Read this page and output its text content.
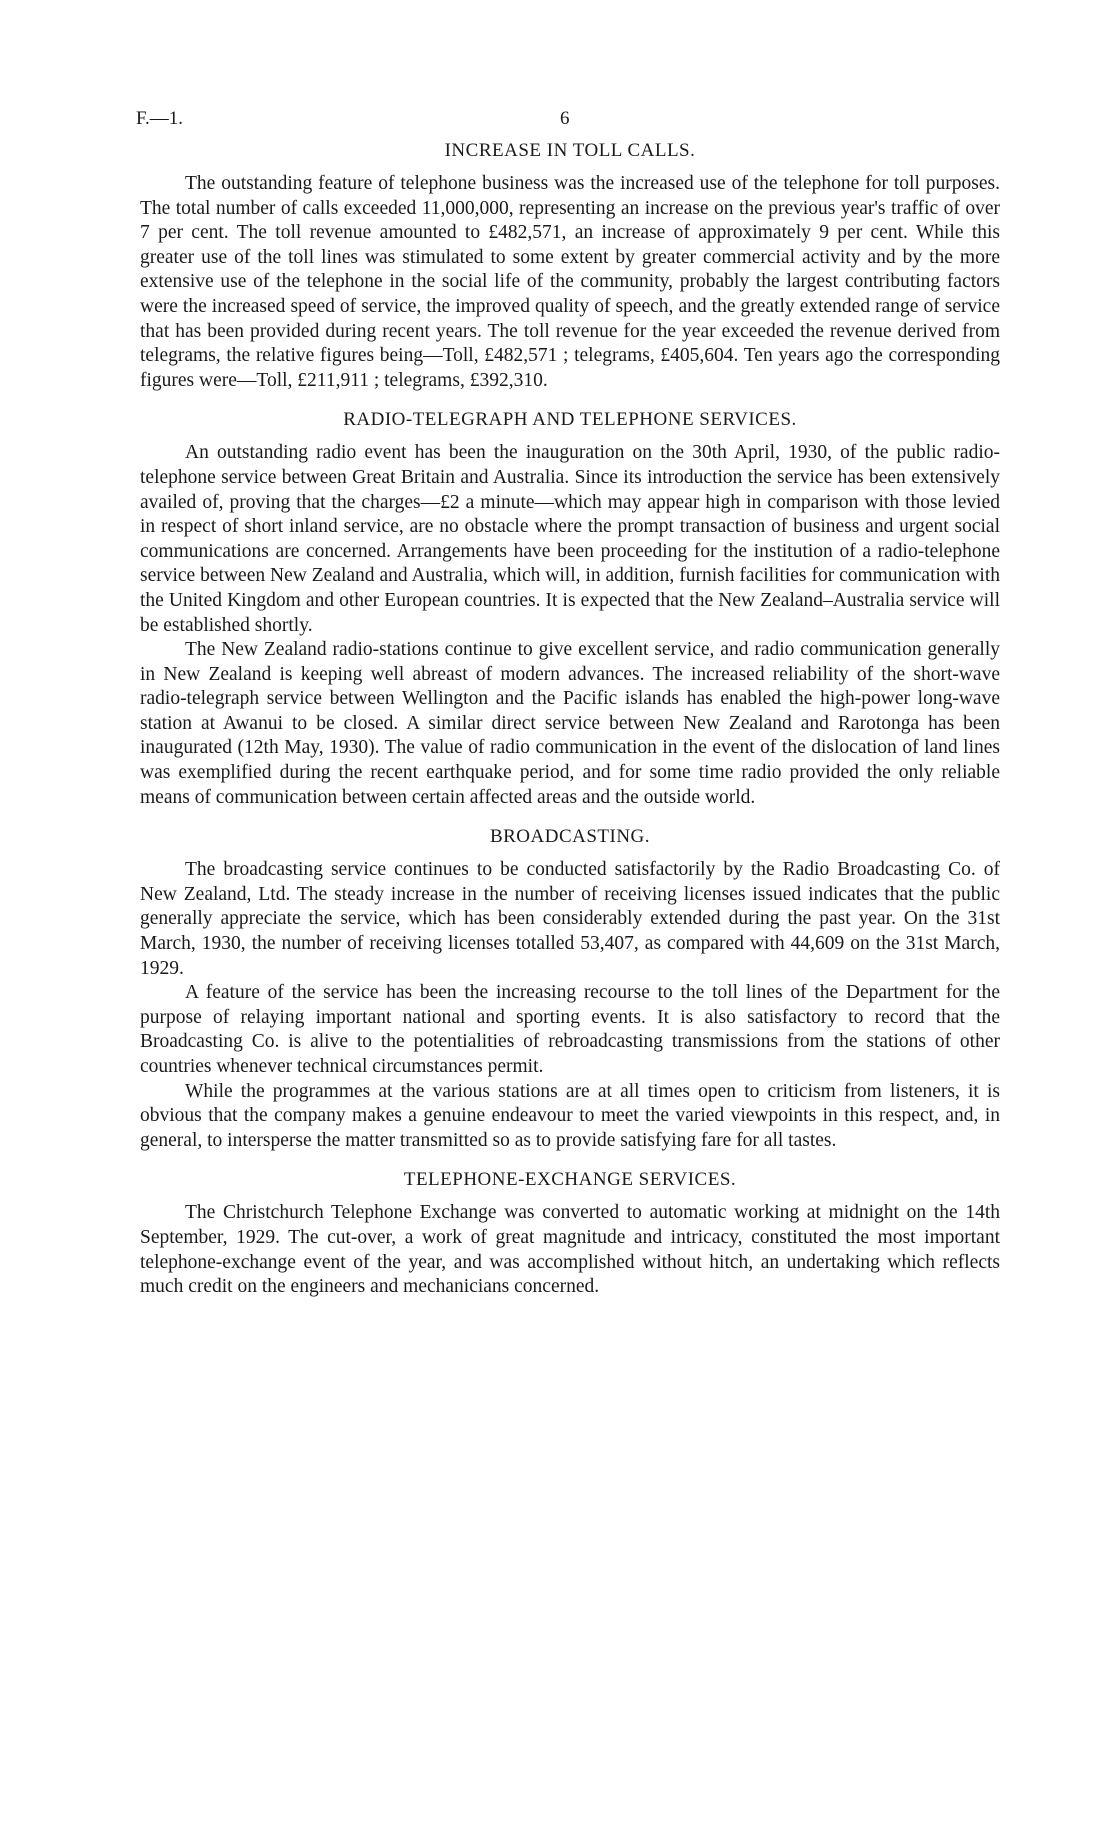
F.—1.	6
INCREASE IN TOLL CALLS.

The outstanding feature of telephone business was the increased use of the telephone for toll purposes. The total number of calls exceeded 11,000,000, representing an increase on the previous year's traffic of over 7 per cent. The toll revenue amounted to £482,571, an increase of approximately 9 per cent. While this greater use of the toll lines was stimulated to some extent by greater commercial activity and by the more extensive use of the telephone in the social life of the community, probably the largest contributing factors were the increased speed of service, the improved quality of speech, and the greatly extended range of service that has been provided during recent years. The toll revenue for the year exceeded the revenue derived from telegrams, the relative figures being—Toll, £482,571 ; telegrams, £405,604. Ten years ago the corresponding figures were—Toll, £211,911 ; telegrams, £392,310.

RADIO-TELEGRAPH AND TELEPHONE SERVICES.

An outstanding radio event has been the inauguration on the 30th April, 1930, of the public radio-telephone service between Great Britain and Australia. Since its introduction the service has been extensively availed of, proving that the charges—£2 a minute—which may appear high in comparison with those levied in respect of short inland service, are no obstacle where the prompt transaction of business and urgent social communications are concerned. Arrangements have been proceeding for the institution of a radio-telephone service between New Zealand and Australia, which will, in addition, furnish facilities for communication with the United Kingdom and other European countries. It is expected that the New Zealand–Australia service will be established shortly.

The New Zealand radio-stations continue to give excellent service, and radio communication generally in New Zealand is keeping well abreast of modern advances. The increased reliability of the short-wave radio-telegraph service between Wellington and the Pacific islands has enabled the high-power long-wave station at Awanui to be closed. A similar direct service between New Zealand and Rarotonga has been inaugurated (12th May, 1930). The value of radio communication in the event of the dislocation of land lines was exemplified during the recent earthquake period, and for some time radio provided the only reliable means of communication between certain affected areas and the outside world.

BROADCASTING.

The broadcasting service continues to be conducted satisfactorily by the Radio Broadcasting Co. of New Zealand, Ltd. The steady increase in the number of receiving licenses issued indicates that the public generally appreciate the service, which has been considerably extended during the past year. On the 31st March, 1930, the number of receiving licenses totalled 53,407, as compared with 44,609 on the 31st March, 1929.

A feature of the service has been the increasing recourse to the toll lines of the Department for the purpose of relaying important national and sporting events. It is also satisfactory to record that the Broadcasting Co. is alive to the potentialities of rebroadcasting transmissions from the stations of other countries whenever technical circumstances permit.

While the programmes at the various stations are at all times open to criticism from listeners, it is obvious that the company makes a genuine endeavour to meet the varied viewpoints in this respect, and, in general, to intersperse the matter transmitted so as to provide satisfying fare for all tastes.

TELEPHONE-EXCHANGE SERVICES.

The Christchurch Telephone Exchange was converted to automatic working at midnight on the 14th September, 1929. The cut-over, a work of great magnitude and intricacy, constituted the most important telephone-exchange event of the year, and was accomplished without hitch, an undertaking which reflects much credit on the engineers and mechanicians concerned.
